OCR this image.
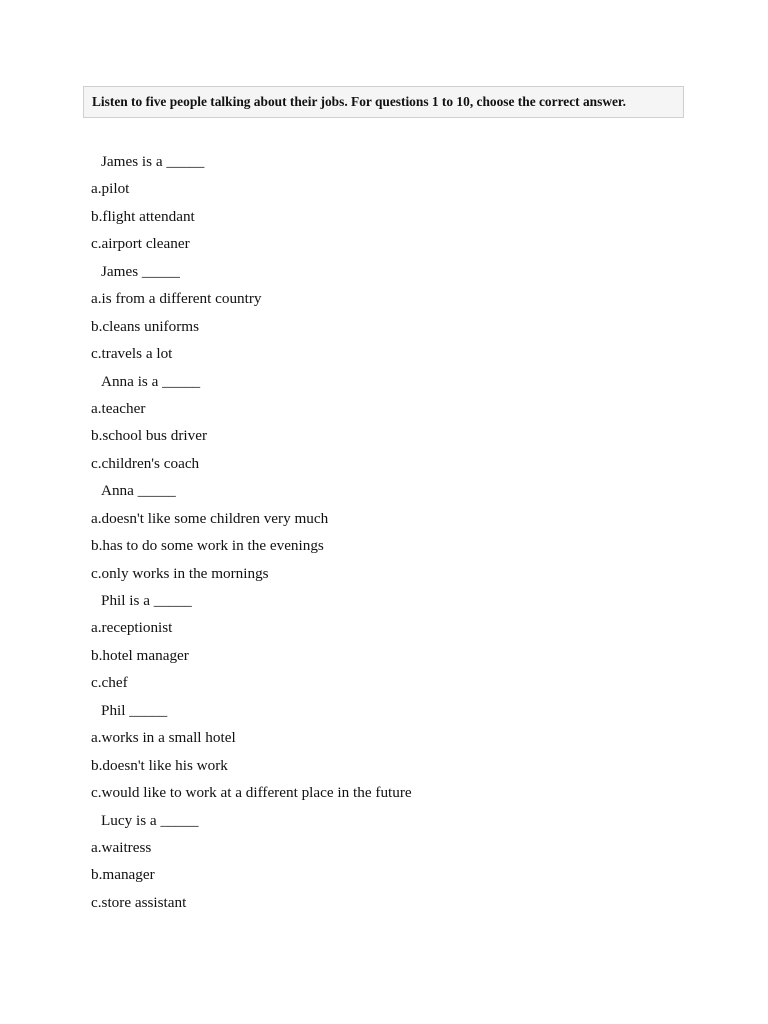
Listen to five people talking about their jobs. For questions 1 to 10, choose the correct answer.
James is a _____
a.pilot
b.flight attendant
c.airport cleaner
James _____
a.is from a different country
b.cleans uniforms
c.travels a lot
Anna is a _____
a.teacher
b.school bus driver
c.children's coach
Anna _____
a.doesn't like some children very much
b.has to do some work in the evenings
c.only works in the mornings
Phil is a _____
a.receptionist
b.hotel manager
c.chef
Phil _____
a.works in a small hotel
b.doesn't like his work
c.would like to work at a different place in the future
Lucy is a _____
a.waitress
b.manager
c.store assistant
